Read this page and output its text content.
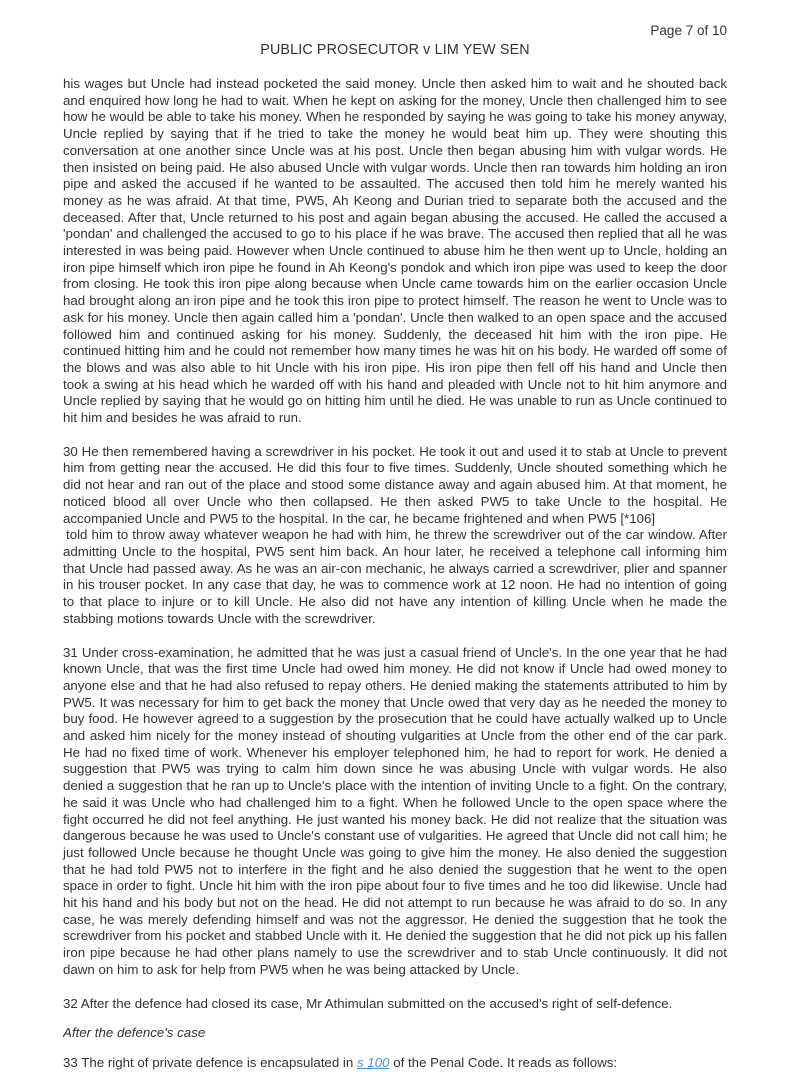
Page 7 of 10
PUBLIC PROSECUTOR v LIM YEW SEN

his wages but Uncle had instead pocketed the said money. Uncle then asked him to wait and he shouted back and enquired how long he had to wait. When he kept on asking for the money, Uncle then challenged him to see how he would be able to take his money. When he responded by saying he was going to take his money anyway, Uncle replied by saying that if he tried to take the money he would beat him up. They were shouting this conversation at one another since Uncle was at his post. Uncle then began abusing him with vulgar words. He then insisted on being paid. He also abused Uncle with vulgar words. Uncle then ran towards him holding an iron pipe and asked the accused if he wanted to be assaulted. The accused then told him he merely wanted his money as he was afraid. At that time, PW5, Ah Keong and Durian tried to separate both the accused and the deceased. After that, Uncle returned to his post and again began abusing the accused. He called the accused a 'pondan' and challenged the accused to go to his place if he was brave. The accused then replied that all he was interested in was being paid. However when Uncle continued to abuse him he then went up to Uncle, holding an iron pipe himself which iron pipe he found in Ah Keong's pondok and which iron pipe was used to keep the door from closing. He took this iron pipe along because when Uncle came towards him on the earlier occasion Uncle had brought along an iron pipe and he took this iron pipe to protect himself. The reason he went to Uncle was to ask for his money. Uncle then again called him a 'pondan'. Uncle then walked to an open space and the accused followed him and continued asking for his money. Suddenly, the deceased hit him with the iron pipe. He continued hitting him and he could not remember how many times he was hit on his body. He warded off some of the blows and was also able to hit Uncle with his iron pipe. His iron pipe then fell off his hand and Uncle then took a swing at his head which he warded off with his hand and pleaded with Uncle not to hit him anymore and Uncle replied by saying that he would go on hitting him until he died. He was unable to run as Uncle continued to hit him and besides he was afraid to run.

30 He then remembered having a screwdriver in his pocket. He took it out and used it to stab at Uncle to prevent him from getting near the accused. He did this four to five times. Suddenly, Uncle shouted something which he did not hear and ran out of the place and stood some distance away and again abused him. At that moment, he noticed blood all over Uncle who then collapsed. He then asked PW5 to take Uncle to the hospital. He accompanied Uncle and PW5 to the hospital. In the car, he became frightened and when PW5 [*106]

told him to throw away whatever weapon he had with him, he threw the screwdriver out of the car window. After admitting Uncle to the hospital, PW5 sent him back. An hour later, he received a telephone call informing him that Uncle had passed away. As he was an air-con mechanic, he always carried a screwdriver, plier and spanner in his trouser pocket. In any case that day, he was to commence work at 12 noon. He had no intention of going to that place to injure or to kill Uncle. He also did not have any intention of killing Uncle when he made the stabbing motions towards Uncle with the screwdriver.

31 Under cross-examination, he admitted that he was just a casual friend of Uncle's. In the one year that he had known Uncle, that was the first time Uncle had owed him money. He did not know if Uncle had owed money to anyone else and that he had also refused to repay others. He denied making the statements attributed to him by PW5. It was necessary for him to get back the money that Uncle owed that very day as he needed the money to buy food. He however agreed to a suggestion by the prosecution that he could have actually walked up to Uncle and asked him nicely for the money instead of shouting vulgarities at Uncle from the other end of the car park. He had no fixed time of work. Whenever his employer telephoned him, he had to report for work. He denied a suggestion that PW5 was trying to calm him down since he was abusing Uncle with vulgar words. He also denied a suggestion that he ran up to Uncle's place with the intention of inviting Uncle to a fight. On the contrary, he said it was Uncle who had challenged him to a fight. When he followed Uncle to the open space where the fight occurred he did not feel anything. He just wanted his money back. He did not realize that the situation was dangerous because he was used to Uncle's constant use of vulgarities. He agreed that Uncle did not call him; he just followed Uncle because he thought Uncle was going to give him the money. He also denied the suggestion that he had told PW5 not to interfere in the fight and he also denied the suggestion that he went to the open space in order to fight. Uncle hit him with the iron pipe about four to five times and he too did likewise. Uncle had hit his hand and his body but not on the head. He did not attempt to run because he was afraid to do so. In any case, he was merely defending himself and was not the aggressor. He denied the suggestion that he took the screwdriver from his pocket and stabbed Uncle with it. He denied the suggestion that he did not pick up his fallen iron pipe because he had other plans namely to use the screwdriver and to stab Uncle continuously. It did not dawn on him to ask for help from PW5 when he was being attacked by Uncle.

32 After the defence had closed its case, Mr Athimulan submitted on the accused's right of self-defence.

After the defence's case

33 The right of private defence is encapsulated in s 100 of the Penal Code. It reads as follows:
